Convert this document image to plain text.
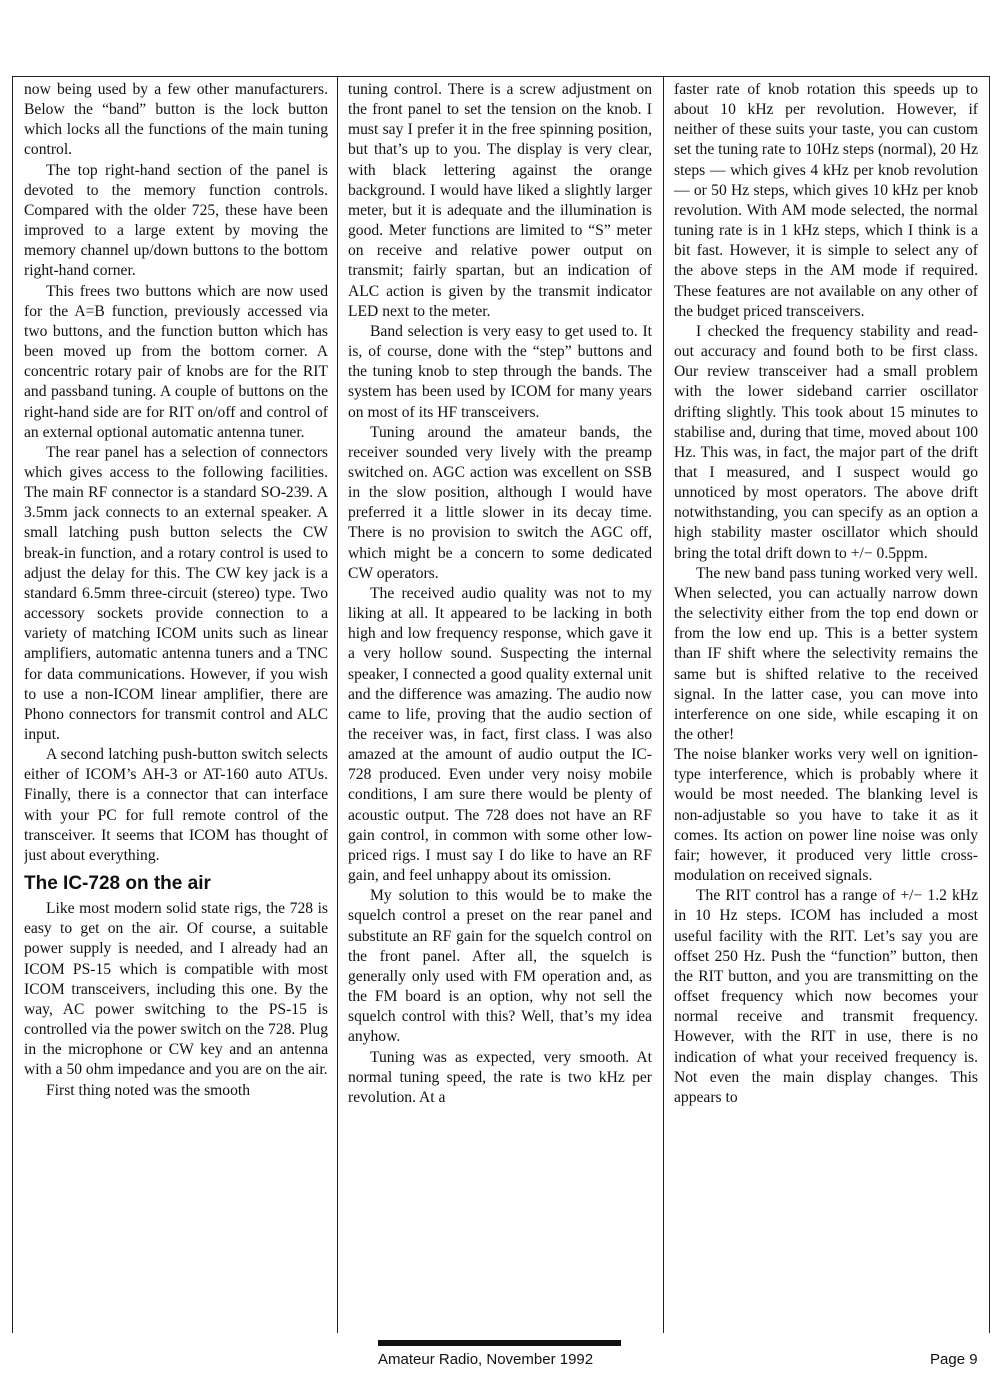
now being used by a few other manufacturers. Below the “band” button is the lock button which locks all the functions of the main tuning control.

The top right-hand section of the panel is devoted to the memory function controls. Compared with the older 725, these have been improved to a large extent by moving the memory channel up/down buttons to the bottom right-hand corner.

This frees two buttons which are now used for the A=B function, previously accessed via two buttons, and the function button which has been moved up from the bottom corner. A concentric rotary pair of knobs are for the RIT and passband tuning. A couple of buttons on the right-hand side are for RIT on/off and control of an external optional automatic antenna tuner.

The rear panel has a selection of connectors which gives access to the following facilities. The main RF connector is a standard SO-239. A 3.5mm jack connects to an external speaker. A small latching push button selects the CW break-in function, and a rotary control is used to adjust the delay for this. The CW key jack is a standard 6.5mm three-circuit (stereo) type. Two accessory sockets provide connection to a variety of matching ICOM units such as linear amplifiers, automatic antenna tuners and a TNC for data communications. However, if you wish to use a non-ICOM linear amplifier, there are Phono connectors for transmit control and ALC input.

A second latching push-button switch selects either of ICOM’s AH-3 or AT-160 auto ATUs. Finally, there is a connector that can interface with your PC for full remote control of the transceiver. It seems that ICOM has thought of just about everything.

The IC-728 on the air

Like most modern solid state rigs, the 728 is easy to get on the air. Of course, a suitable power supply is needed, and I already had an ICOM PS-15 which is compatible with most ICOM transceivers, including this one. By the way, AC power switching to the PS-15 is controlled via the power switch on the 728. Plug in the microphone or CW key and an antenna with a 50 ohm impedance and you are on the air.

First thing noted was the smooth

tuning control. There is a screw adjustment on the front panel to set the tension on the knob. I must say I prefer it in the free spinning position, but that’s up to you. The display is very clear, with black lettering against the orange background. I would have liked a slightly larger meter, but it is adequate and the illumination is good. Meter functions are limited to “S” meter on receive and relative power output on transmit; fairly spartan, but an indication of ALC action is given by the transmit indicator LED next to the meter.

Band selection is very easy to get used to. It is, of course, done with the “step” buttons and the tuning knob to step through the bands. The system has been used by ICOM for many years on most of its HF transceivers.

Tuning around the amateur bands, the receiver sounded very lively with the preamp switched on. AGC action was excellent on SSB in the slow position, although I would have preferred it a little slower in its decay time. There is no provision to switch the AGC off, which might be a concern to some dedicated CW operators.

The received audio quality was not to my liking at all. It appeared to be lacking in both high and low frequency response, which gave it a very hollow sound. Suspecting the internal speaker, I connected a good quality external unit and the difference was amazing. The audio now came to life, proving that the audio section of the receiver was, in fact, first class. I was also amazed at the amount of audio output the IC-728 produced. Even under very noisy mobile conditions, I am sure there would be plenty of acoustic output. The 728 does not have an RF gain control, in common with some other low-priced rigs. I must say I do like to have an RF gain, and feel unhappy about its omission.

My solution to this would be to make the squelch control a preset on the rear panel and substitute an RF gain for the squelch control on the front panel. After all, the squelch is generally only used with FM operation and, as the FM board is an option, why not sell the squelch control with this? Well, that’s my idea anyhow.

Tuning was as expected, very smooth. At normal tuning speed, the rate is two kHz per revolution. At a

faster rate of knob rotation this speeds up to about 10 kHz per revolution. However, if neither of these suits your taste, you can custom set the tuning rate to 10Hz steps (normal), 20 Hz steps — which gives 4 kHz per knob revolution — or 50 Hz steps, which gives 10 kHz per knob revolution. With AM mode selected, the normal tuning rate is in 1 kHz steps, which I think is a bit fast. However, it is simple to select any of the above steps in the AM mode if required. These features are not available on any other of the budget priced transceivers.

I checked the frequency stability and read-out accuracy and found both to be first class. Our review transceiver had a small problem with the lower sideband carrier oscillator drifting slightly. This took about 15 minutes to stabilise and, during that time, moved about 100 Hz. This was, in fact, the major part of the drift that I measured, and I suspect would go unnoticed by most operators. The above drift notwithstanding, you can specify as an option a high stability master oscillator which should bring the total drift down to +/− 0.5ppm.

The new band pass tuning worked very well. When selected, you can actually narrow down the selectivity either from the top end down or from the low end up. This is a better system than IF shift where the selectivity remains the same but is shifted relative to the received signal. In the latter case, you can move into interference on one side, while escaping it on the other!

The noise blanker works very well on ignition-type interference, which is probably where it would be most needed. The blanking level is non-adjustable so you have to take it as it comes. Its action on power line noise was only fair; however, it produced very little cross-modulation on received signals.

The RIT control has a range of +/− 1.2 kHz in 10 Hz steps. ICOM has included a most useful facility with the RIT. Let’s say you are offset 250 Hz. Push the “function” button, then the RIT button, and you are transmitting on the offset frequency which now becomes your normal receive and transmit frequency. However, with the RIT in use, there is no indication of what your received frequency is. Not even the main display changes. This appears to

Amateur Radio, November 1992	Page 9
